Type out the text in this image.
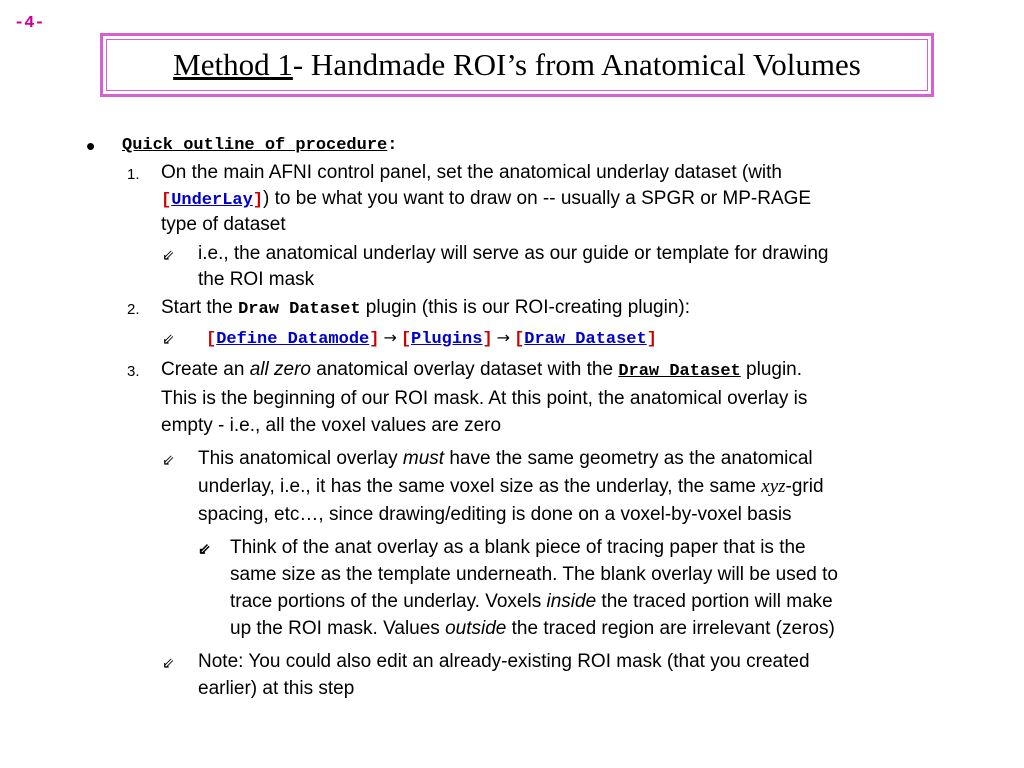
-4-
Method 1 - Handmade ROI’s from Anatomical Volumes
• Quick outline of procedure:
1. On the main AFNI control panel, set the anatomical underlay dataset (with
[UnderLay]) to be what you want to draw on -- usually a SPGR or MP-RAGE
type of dataset
⇙ i.e., the anatomical underlay will serve as our guide or template for drawing
the ROI mask
2. Start the Draw Dataset plugin (this is our ROI-creating plugin):
⇙ [Define Datamode] → [Plugins] → [Draw Dataset]
3. Create an all zero anatomical overlay dataset with the Draw Dataset plugin.
This is the beginning of our ROI mask. At this point, the anatomical overlay is
empty - i.e., all the voxel values are zero
⇙ This anatomical overlay must have the same geometry as the anatomical
underlay, i.e., it has the same voxel size as the underlay, the same xyz-grid
spacing, etc…, since drawing/editing is done on a voxel-by-voxel basis
⇙ Think of the anat overlay as a blank piece of tracing paper that is the
same size as the template underneath. The blank overlay will be used to
trace portions of the underlay. Voxels inside the traced portion will make
up the ROI mask. Values outside the traced region are irrelevant (zeros)
⇙ Note: You could also edit an already-existing ROI mask (that you created
earlier) at this step
